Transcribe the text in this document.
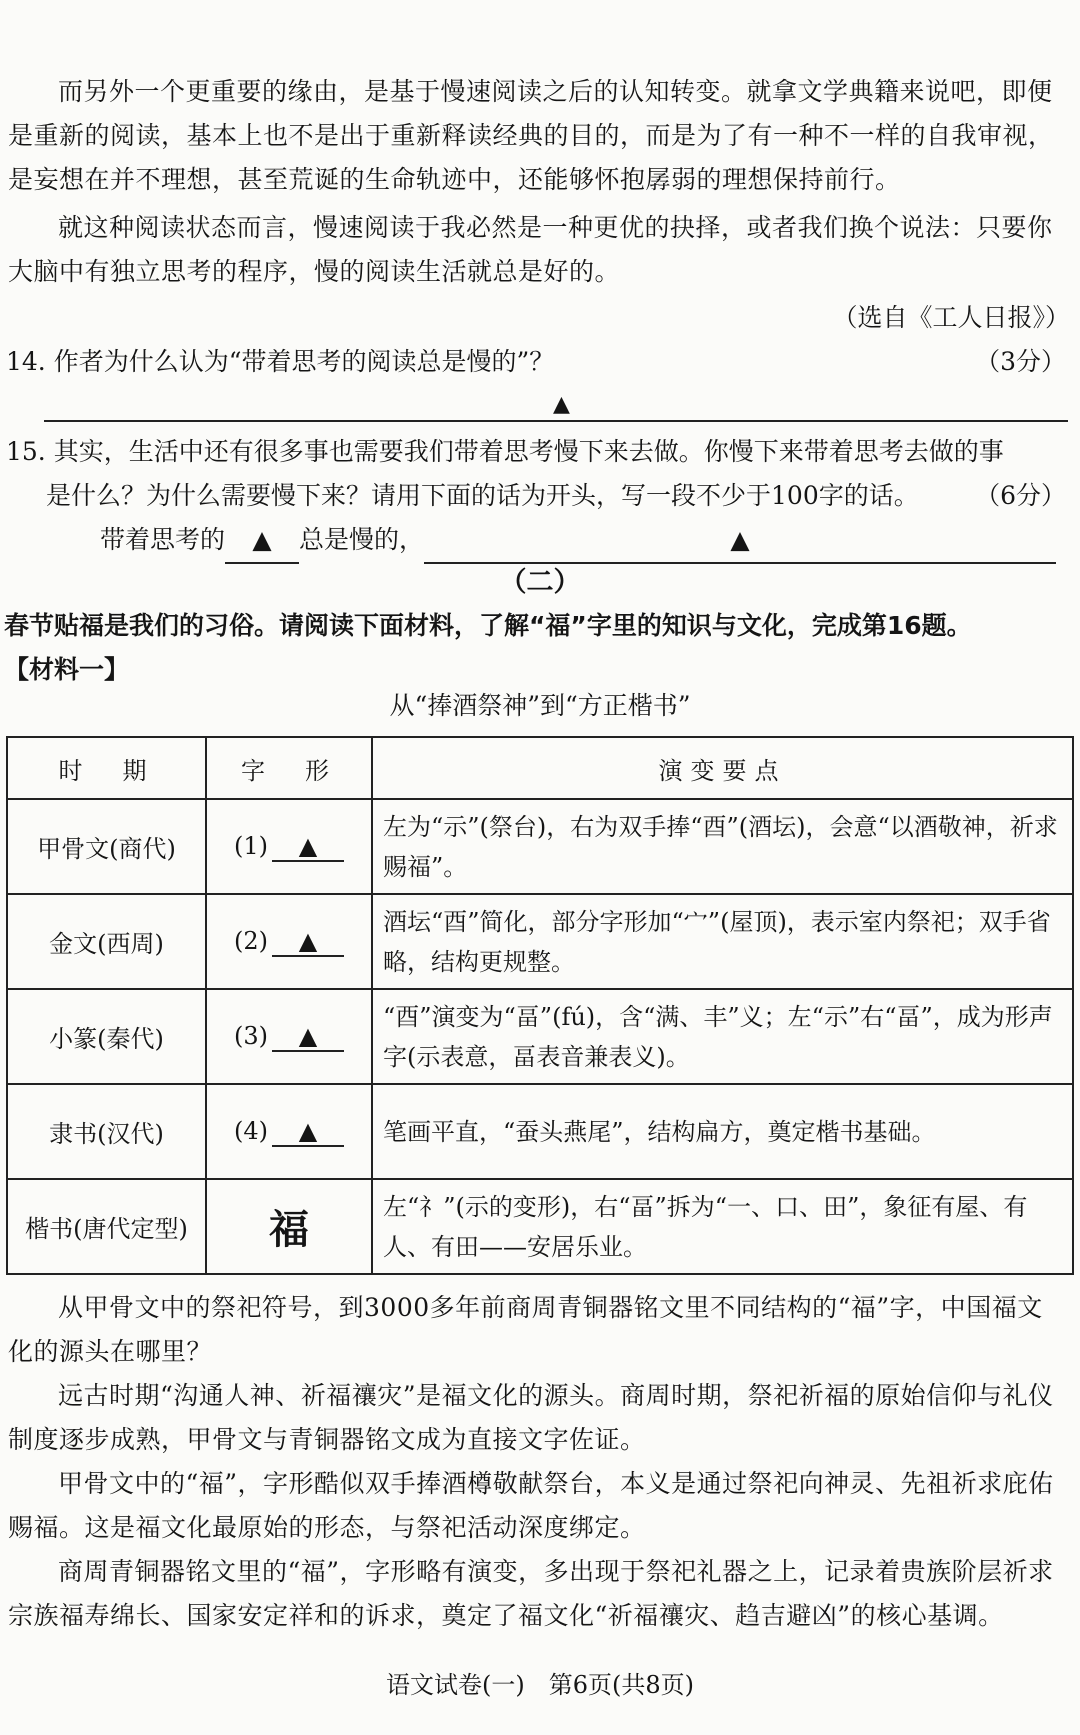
而另外一个更重要的缘由，是基于慢速阅读之后的认知转变。就拿文学典籍来说吧，即便是重新的阅读，基本上也不是出于重新释读经典的目的，而是为了有一种不一样的自我审视，是妄想在并不理想，甚至荒诞的生命轨迹中，还能够怀抱孱弱的理想保持前行。

就这种阅读状态而言，慢速阅读于我必然是一种更优的抉择，或者我们换个说法：只要你大脑中有独立思考的程序，慢的阅读生活就总是好的。

（选自《工人日报》）
14. 作者为什么认为“带着思考的阅读总是慢的”？	（3分）
▲
15. 其实，生活中还有很多事也需要我们带着思考慢下来去做。你慢下来带着思考去做的事
是什么？为什么需要慢下来？请用下面的话为开头，写一段不少于100字的话。 （6分）
带着思考的 ▲ 总是慢的，	▲
（二）
春节贴福是我们的习俗。请阅读下面材料，了解“福”字里的知识与文化，完成第16题。
【材料一】
从“捧酒祭神”到“方正楷书”
时　期	字　形	演变要点
甲骨文(商代)	(1) ▲	左为“示”(祭台)，右为双手捧“酉”(酒坛)，会意“以酒敬神，祈求赐福”。
金文(西周)	(2) ▲	酒坛“酉”简化，部分字形加“宀”(屋顶)，表示室内祭祀；双手省略，结构更规整。
小篆(秦代)	(3) ▲	“酉”演变为“畐”(fú)，含“满、丰”义；左“示”右“畐”，成为形声字(示表意，畐表音兼表义)。
隶书(汉代)	(4) ▲	笔画平直，“蚕头燕尾”，结构扁方，奠定楷书基础。
楷书(唐代定型)	福	左“礻”(示的变形)，右“畐”拆为“一、口、田”，象征有屋、有人、有田——安居乐业。

从甲骨文中的祭祀符号，到3000多年前商周青铜器铭文里不同结构的“福”字，中国福文化的源头在哪里？

远古时期“沟通人神、祈福禳灾”是福文化的源头。商周时期，祭祀祈福的原始信仰与礼仪制度逐步成熟，甲骨文与青铜器铭文成为直接文字佐证。

甲骨文中的“福”，字形酷似双手捧酒樽敬献祭台，本义是通过祭祀向神灵、先祖祈求庇佑赐福。这是福文化最原始的形态，与祭祀活动深度绑定。

商周青铜器铭文里的“福”，字形略有演变，多出现于祭祀礼器之上，记录着贵族阶层祈求宗族福寿绵长、国家安定祥和的诉求，奠定了福文化“祈福禳灾、趋吉避凶”的核心基调。

语文试卷(一)　第6页(共8页)
